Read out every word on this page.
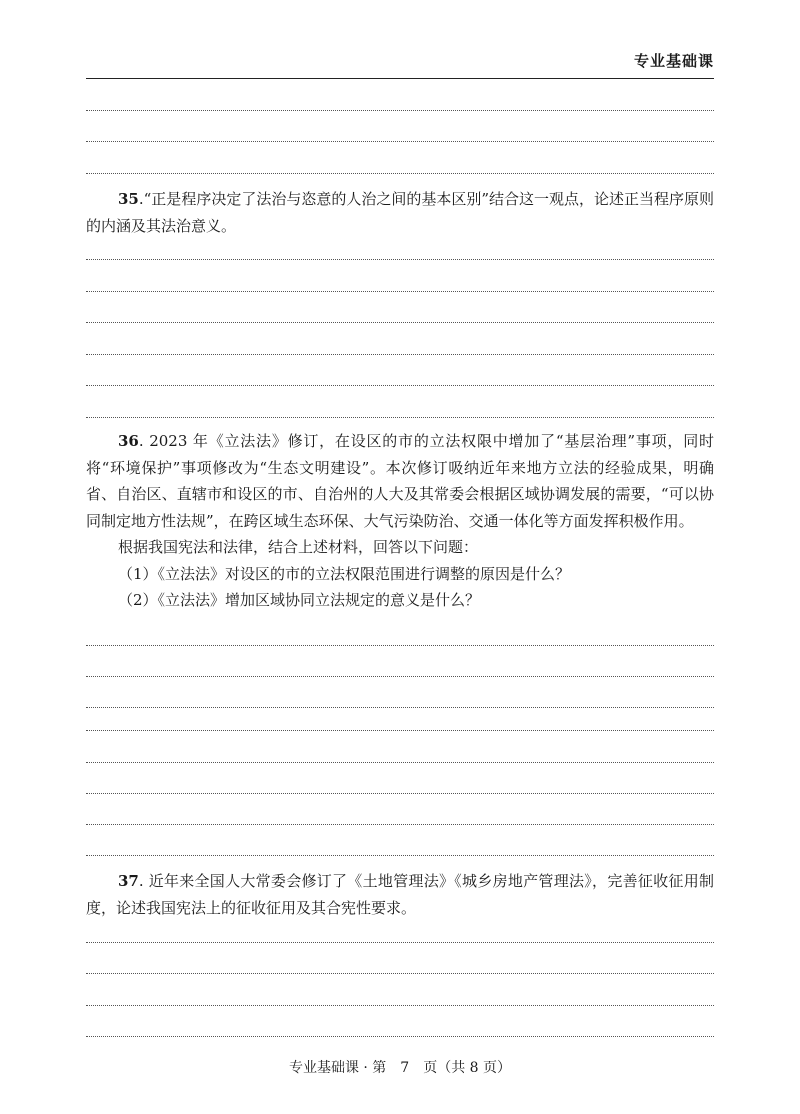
专业基础课

35.“正是程序决定了法治与恣意的人治之间的基本区别”结合这一观点，论述正当程序原则的内涵及其法治意义。

36. 2023 年《立法法》修订，在设区的市的立法权限中增加了“基层治理”事项，同时将“环境保护”事项修改为“生态文明建设”。本次修订吸纳近年来地方立法的经验成果，明确省、自治区、直辖市和设区的市、自治州的人大及其常委会根据区域协调发展的需要，“可以协同制定地方性法规”，在跨区域生态环保、大气污染防治、交通一体化等方面发挥积极作用。

根据我国宪法和法律，结合上述材料，回答以下问题：

（1）《立法法》对设区的市的立法权限范围进行调整的原因是什么？

（2）《立法法》增加区域协同立法规定的意义是什么？

37. 近年来全国人大常委会修订了《土地管理法》《城乡房地产管理法》，完善征收征用制度，论述我国宪法上的征收征用及其合宪性要求。

专业基础课 · 第　7　页（共 8 页）
